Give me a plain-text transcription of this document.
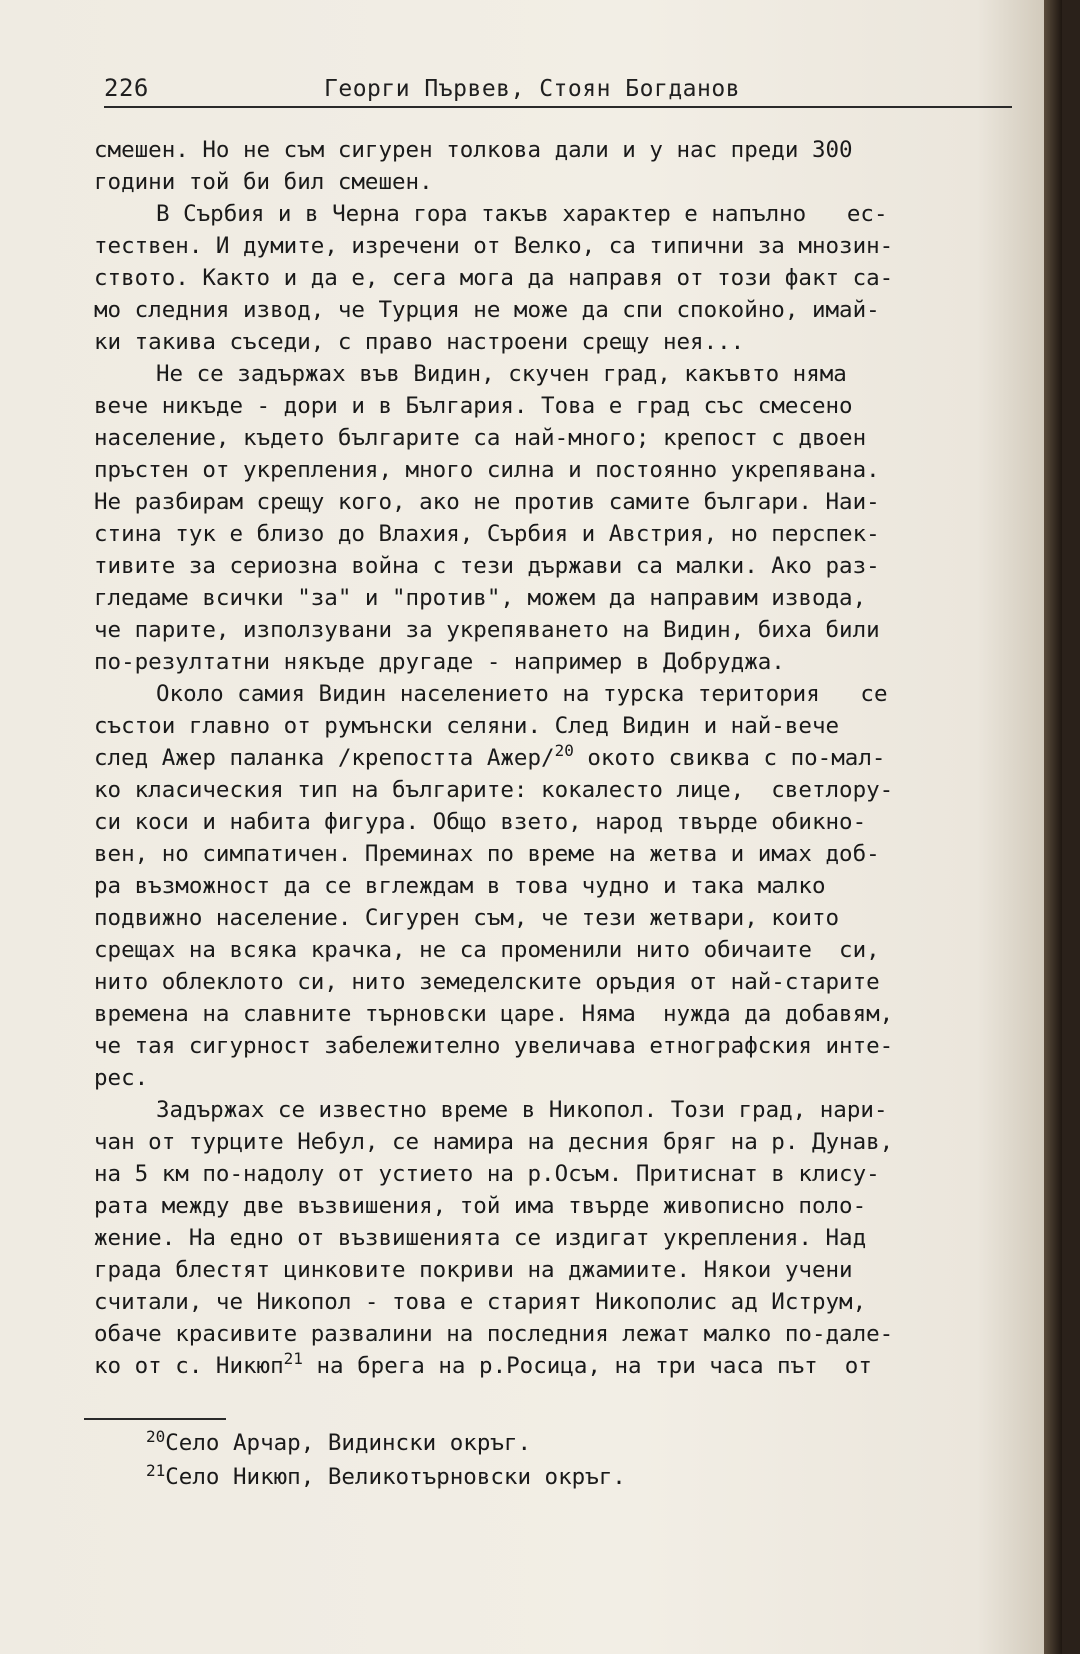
226	Георги Първев, Стоян Богданов
смешен. Но не съм сигурен толкова дали и у нас преди 300
години той би бил смешен.
В Сърбия и в Черна гора такъв характер е напълно   ес-
тествен. И думите, изречени от Велко, са типични за мнозин-
ството. Както и да е, сега мога да направя от този факт са-
мо следния извод, че Турция не може да спи спокойно, имай-
ки такива съседи, с право настроени срещу нея...
Не се задържах във Видин, скучен град, какъвто няма
вече никъде - дори и в България. Това е град със смесено
население, където българите са най-много; крепост с двоен
пръстен от укрепления, много силна и постоянно укрепявана.
Не разбирам срещу кого, ако не против самите българи. Наи-
стина тук е близо до Влахия, Сърбия и Австрия, но перспек-
тивите за сериозна война с тези държави са малки. Ако раз-
гледаме всички "за" и "против", можем да направим извода,
че парите, използувани за укрепяването на Видин, биха били
по-резултатни някъде другаде - например в Добруджа.
Около самия Видин населението на турска територия   се
състои главно от румънски селяни. След Видин и най-вече
след Ажер паланка /крепостта Ажер/$^{20}$ окото свиква с по-мал-
ко класическия тип на българите: кокалесто лице,  светлору-
си коси и набита фигура. Общо взето, народ твърде обикно-
вен, но симпатичен. Преминах по време на жетва и имах доб-
ра възможност да се вглеждам в това чудно и така малко
подвижно население. Сигурен съм, че тези жетвари, които
срещах на всяка крачка, не са променили нито обичаите  си,
нито облеклото си, нито земеделските оръдия от най-старите
времена на славните търновски царе. Няма  нужда да добавям,
че тая сигурност забележително увеличава етнографския инте-
рес.
Задържах се известно време в Никопол. Този град, нари-
чан от турците Небул, се намира на десния бряг на р. Дунав,
на 5 км по-надолу от устието на р.Осъм. Притиснат в клису-
рата между две възвишения, той има твърде живописно поло-
жение. На едно от възвишенията се издигат укрепления. Над
града блестят цинковите покриви на джамиите. Някои учени
считали, че Никопол - това е старият Никополис ад Иструм,
обаче красивите развалини на последния лежат малко по-дале-
ко от с. Никюп$^{21}$ на брега на р.Росица, на три часа път  от
$^{20}$Село Арчар, Видински окръг.
$^{21}$Село Никюп, Великотърновски окръг.
